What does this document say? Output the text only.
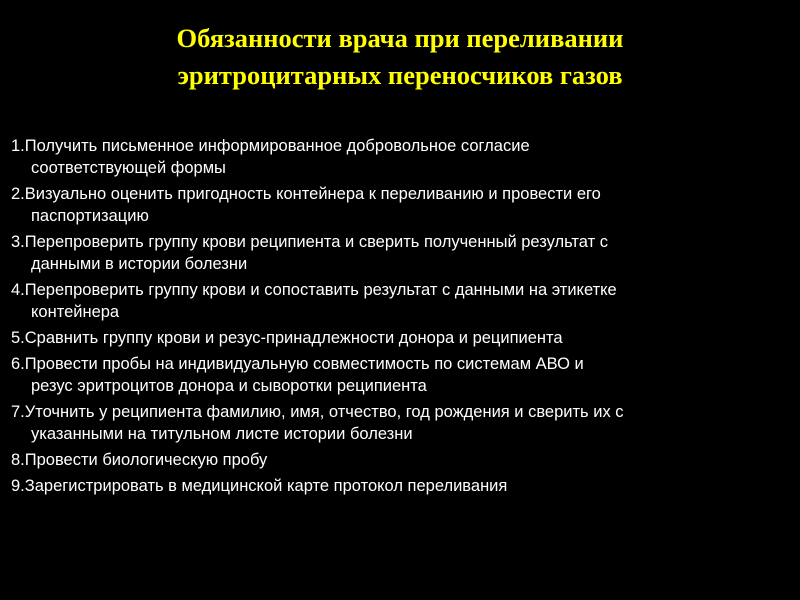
Обязанности врача при переливании
эритроцитарных переносчиков газов
1.Получить письменное информированное добровольное согласие
соответствующей формы
2.Визуально оценить пригодность контейнера к переливанию и провести его
паспортизацию
3.Перепроверить группу крови реципиента и сверить полученный результат с
данными в истории болезни
4.Перепроверить группу крови и сопоставить результат с данными на этикетке
контейнера
5.Сравнить группу крови и резус-принадлежности донора и реципиента
6.Провести пробы на индивидуальную совместимость по системам АВО и
резус эритроцитов донора и сыворотки реципиента
7.Уточнить у реципиента фамилию, имя, отчество, год рождения и сверить их с
указанными на титульном листе истории болезни
8.Провести биологическую пробу
9.Зарегистрировать в медицинской карте протокол переливания
